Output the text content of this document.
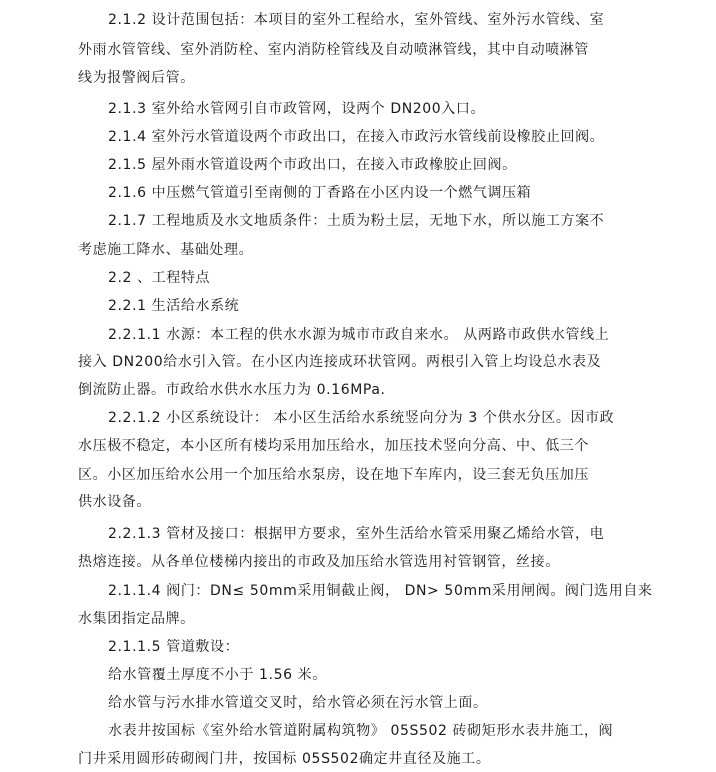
2.1.2 设计范围包括：本项目的室外工程给水，室外管线、室外污水管线、室
外雨水管管线、室外消防栓、室内消防栓管线及自动喷淋管线，其中自动喷淋管
线为报警阀后管。
2.1.3 室外给水管网引自市政管网，设两个 DN200入口。
2.1.4 室外污水管道设两个市政出口，在接入市政污水管线前设橡胶止回阀。
2.1.5 屋外雨水管道设两个市政出口，在接入市政橡胶止回阀。
2.1.6 中压燃气管道引至南侧的丁香路在小区内设一个燃气调压箱
2.1.7 工程地质及水文地质条件：土质为粉土层，无地下水，所以施工方案不
考虑施工降水、基础处理。
2.2 、工程特点
2.2.1 生活给水系统
2.2.1.1 水源：本工程的供水水源为城市市政自来水。 从两路市政供水管线上
接入 DN200给水引入管。在小区内连接成环状管网。两根引入管上均设总水表及
倒流防止器。市政给水供水水压力为 0.16MPa.
2.2.1.2 小区系统设计： 本小区生活给水系统竖向分为 3 个供水分区。因市政
水压极不稳定，本小区所有楼均采用加压给水，加压技术竖向分高、中、低三个
区。小区加压给水公用一个加压给水泵房，设在地下车库内，设三套无负压加压
供水设备。
2.2.1.3 管材及接口：根据甲方要求，室外生活给水管采用聚乙烯给水管，电
热熔连接。从各单位楼梯内接出的市政及加压给水管选用衬管钢管，丝接。
2.1.1.4 阀门：DN≤ 50mm采用铜截止阀， DN> 50mm采用闸阀。阀门选用自来
水集团指定品牌。
2.1.1.5 管道敷设：
给水管覆土厚度不小于 1.56 米。
给水管与污水排水管道交叉时，给水管必须在污水管上面。
水表井按国标《室外给水管道附属构筑物》 05S502 砖砌矩形水表井施工，阀
门井采用圆形砖砌阀门井，按国标 05S502确定井直径及施工。
